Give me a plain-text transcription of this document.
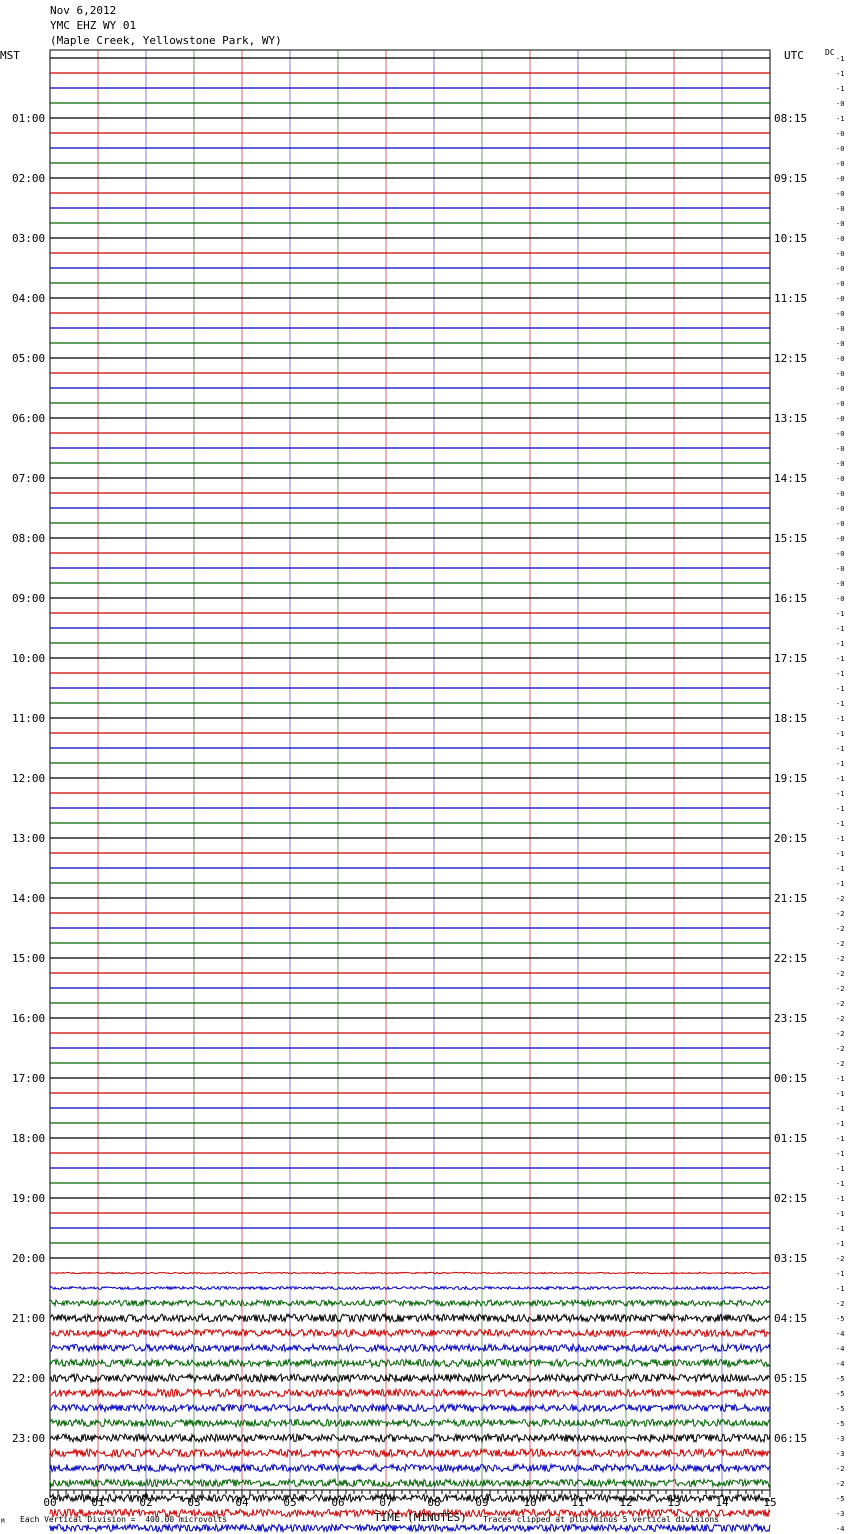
Nov 6,2012
YMC EHZ WY 01
(Maple Creek, Yellowstone Park, WY)
MST	UTC	DC
01:00	08:15
02:00	09:15
03:00	10:15
04:00	11:15
05:00	12:15
06:00	13:15
07:00	14:15
08:00	15:15
09:00	16:15
10:00	17:15
11:00	18:15
12:00	19:15
13:00	20:15
14:00	21:15
15:00	22:15
16:00	23:15
17:00	00:15
18:00	01:15
19:00	02:15
20:00	03:15
21:00	04:15
22:00	05:15
23:00	06:15
-1
-1
-1
-0
-1
-0
-0
-0
-0
-0
-0
-0
-0
-0
-0
-0
-0
-0
-0
-0
-0
-0
-0
-0
-0
-0
-0
-0
-0
-0
-0
-0
-0
-0
-0
-0
-0
-1
-1
-1
-1
-1
-1
-1
-1
-1
-1
-1
-1
-1
-1
-1
-1
-1
-1
-1
-2
-2
-2
-2
-2
-2
-2
-2
-2
-2
-2
-2
-1
-1
-1
-1
-1
-1
-1
-1
-1
-1
-1
-1
-2
-1
-1
-2
-5
-4
-4
-4
-5
-5
-5
-5
-3
-3
-2
-2
-5
-3
-4
00	01	02	03	04	05	06	07	08	09	10	11	12	13	14	15
TIME (MINUTES)
Each Vertical Division =  400.00 microvolts	Traces clipped at plus/minus 5 vertical divisions
M
